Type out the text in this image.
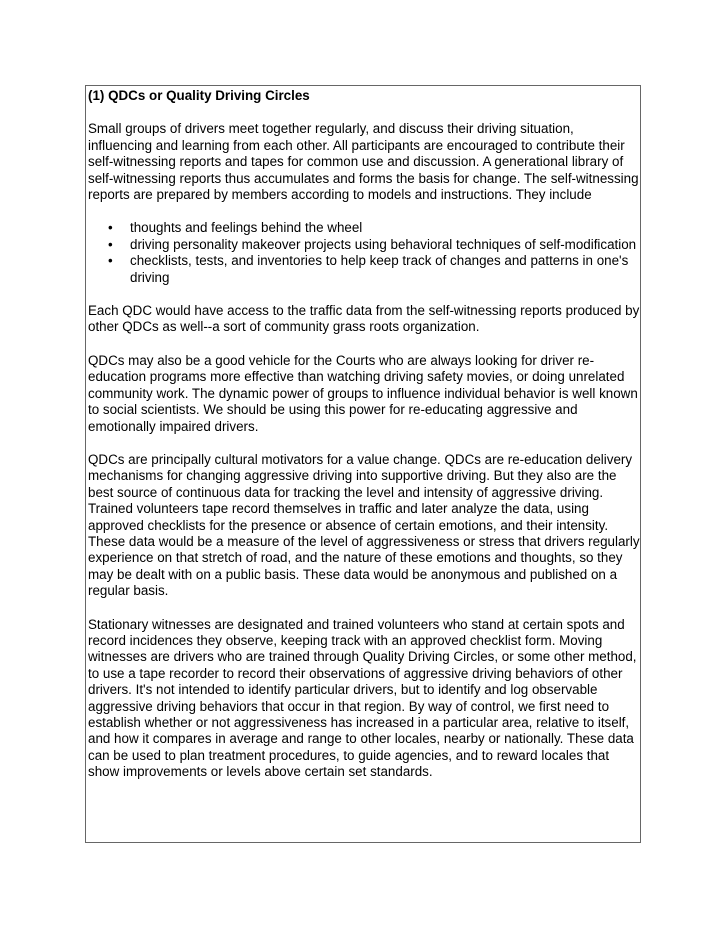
(1) QDCs or Quality Driving Circles

Small groups of drivers meet together regularly, and discuss their driving situation, influencing and learning from each other. All participants are encouraged to contribute their self-witnessing reports and tapes for common use and discussion. A generational library of self-witnessing reports thus accumulates and forms the basis for change. The self-witnessing reports are prepared by members according to models and instructions. They include

• thoughts and feelings behind the wheel
• driving personality makeover projects using behavioral techniques of self-modification
• checklists, tests, and inventories to help keep track of changes and patterns in one's driving

Each QDC would have access to the traffic data from the self-witnessing reports produced by other QDCs as well--a sort of community grass roots organization.

QDCs may also be a good vehicle for the Courts who are always looking for driver re-education programs more effective than watching driving safety movies, or doing unrelated community work. The dynamic power of groups to influence individual behavior is well known to social scientists. We should be using this power for re-educating aggressive and emotionally impaired drivers.

QDCs are principally cultural motivators for a value change. QDCs are re-education delivery mechanisms for changing aggressive driving into supportive driving. But they also are the best source of continuous data for tracking the level and intensity of aggressive driving. Trained volunteers tape record themselves in traffic and later analyze the data, using approved checklists for the presence or absence of certain emotions, and their intensity. These data would be a measure of the level of aggressiveness or stress that drivers regularly experience on that stretch of road, and the nature of these emotions and thoughts, so they may be dealt with on a public basis. These data would be anonymous and published on a regular basis.

Stationary witnesses are designated and trained volunteers who stand at certain spots and record incidences they observe, keeping track with an approved checklist form. Moving witnesses are drivers who are trained through Quality Driving Circles, or some other method, to use a tape recorder to record their observations of aggressive driving behaviors of other drivers. It's not intended to identify particular drivers, but to identify and log observable aggressive driving behaviors that occur in that region. By way of control, we first need to establish whether or not aggressiveness has increased in a particular area, relative to itself, and how it compares in average and range to other locales, nearby or nationally. These data can be used to plan treatment procedures, to guide agencies, and to reward locales that show improvements or levels above certain set standards.
